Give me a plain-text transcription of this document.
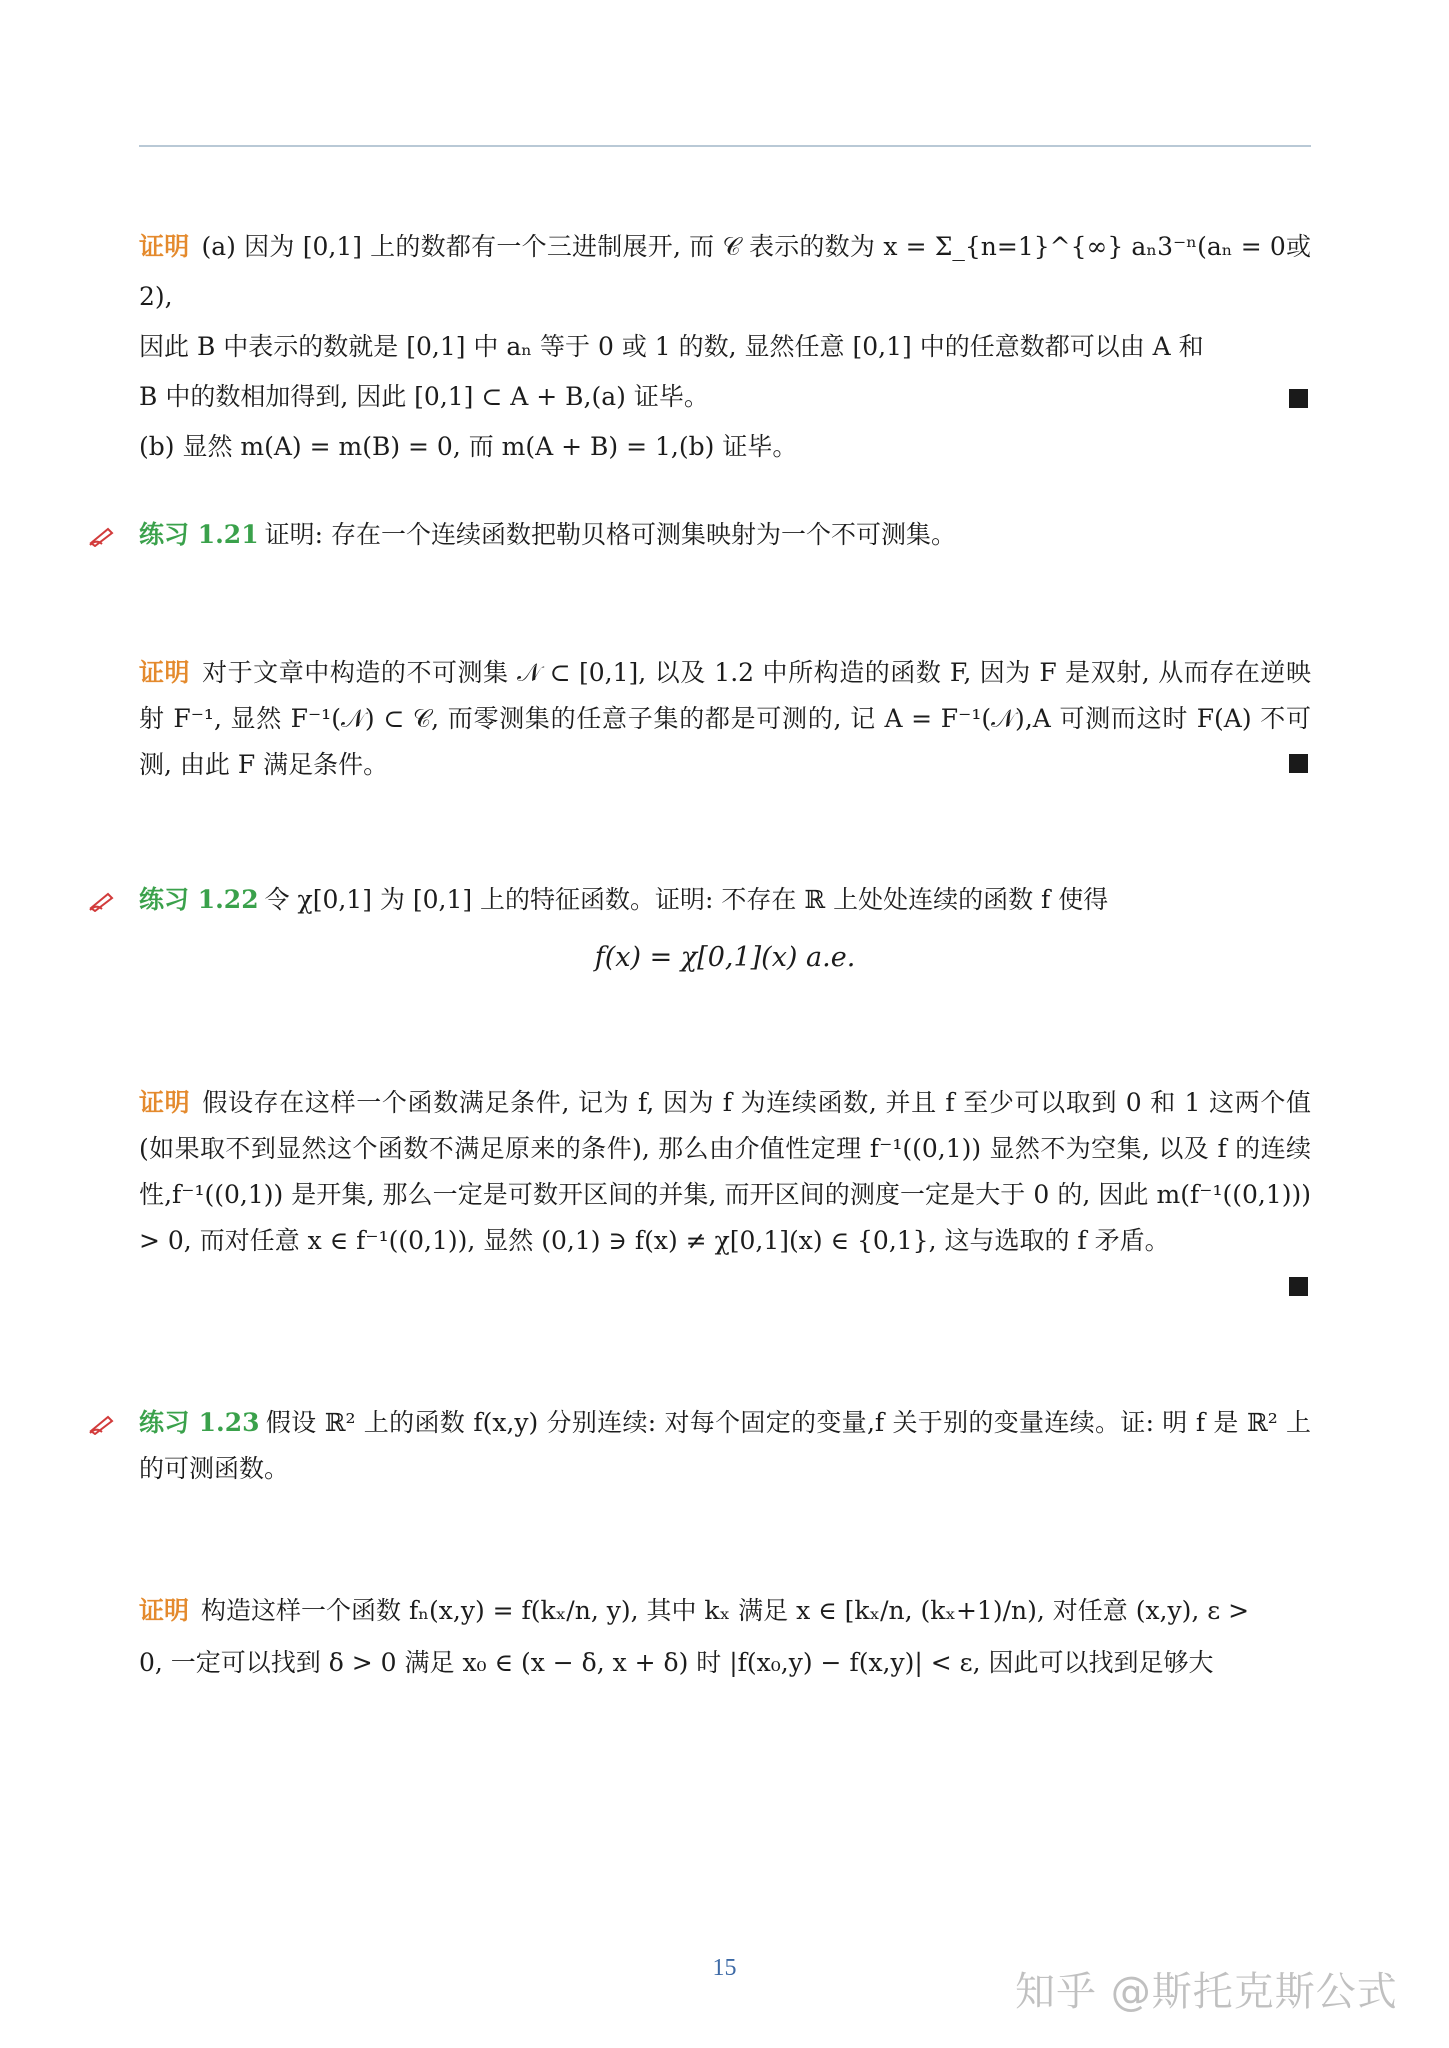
证明 (a) 因为 [0,1] 上的数都有一个三进制展开, 而 𝒞 表示的数为 x = Σ_{n=1}^{∞} aₙ3⁻ⁿ(aₙ = 0或2),
因此 B 中表示的数就是 [0,1] 中 aₙ 等于 0 或 1 的数, 显然任意 [0,1] 中的任意数都可以由 A 和
B 中的数相加得到, 因此 [0,1] ⊂ A + B,(a) 证毕。
(b) 显然 m(A) = m(B) = 0, 而 m(A + B) = 1,(b) 证毕。
练习 1.21 证明: 存在一个连续函数把勒贝格可测集映射为一个不可测集。
证明 对于文章中构造的不可测集 𝒩 ⊂ [0,1], 以及 1.2 中所构造的函数 F, 因为 F 是双射, 从而存在逆映射 F⁻¹, 显然 F⁻¹(𝒩) ⊂ 𝒞, 而零测集的任意子集的都是可测的, 记 A = F⁻¹(𝒩),A 可测而这时 F(A) 不可测, 由此 F 满足条件。
练习 1.22 令 χ[0,1] 为 [0,1] 上的特征函数。证明: 不存在 ℝ 上处处连续的函数 f 使得
f(x) = χ[0,1](x) a.e.
证明 假设存在这样一个函数满足条件, 记为 f, 因为 f 为连续函数, 并且 f 至少可以取到 0 和 1 这两个值 (如果取不到显然这个函数不满足原来的条件), 那么由介值性定理 f⁻¹((0,1)) 显然不为空集, 以及 f 的连续性,f⁻¹((0,1)) 是开集, 那么一定是可数开区间的并集, 而开区间的测度一定是大于 0 的, 因此 m(f⁻¹((0,1))) > 0, 而对任意 x ∈ f⁻¹((0,1)), 显然 (0,1) ∋ f(x) ≠ χ[0,1](x) ∈ {0,1}, 这与选取的 f 矛盾。
练习 1.23 假设 ℝ² 上的函数 f(x,y) 分别连续: 对每个固定的变量,f 关于别的变量连续。证: 明 f 是 ℝ² 上的可测函数。
证明 构造这样一个函数 fₙ(x,y) = f(kₓ/n, y), 其中 kₓ 满足 x ∈ [kₓ/n, (kₓ+1)/n), 对任意 (x,y), ε >
0, 一定可以找到 δ > 0 满足 x₀ ∈ (x − δ, x + δ) 时 |f(x₀,y) − f(x,y)| < ε, 因此可以找到足够大
15
知乎 @斯托克斯公式
